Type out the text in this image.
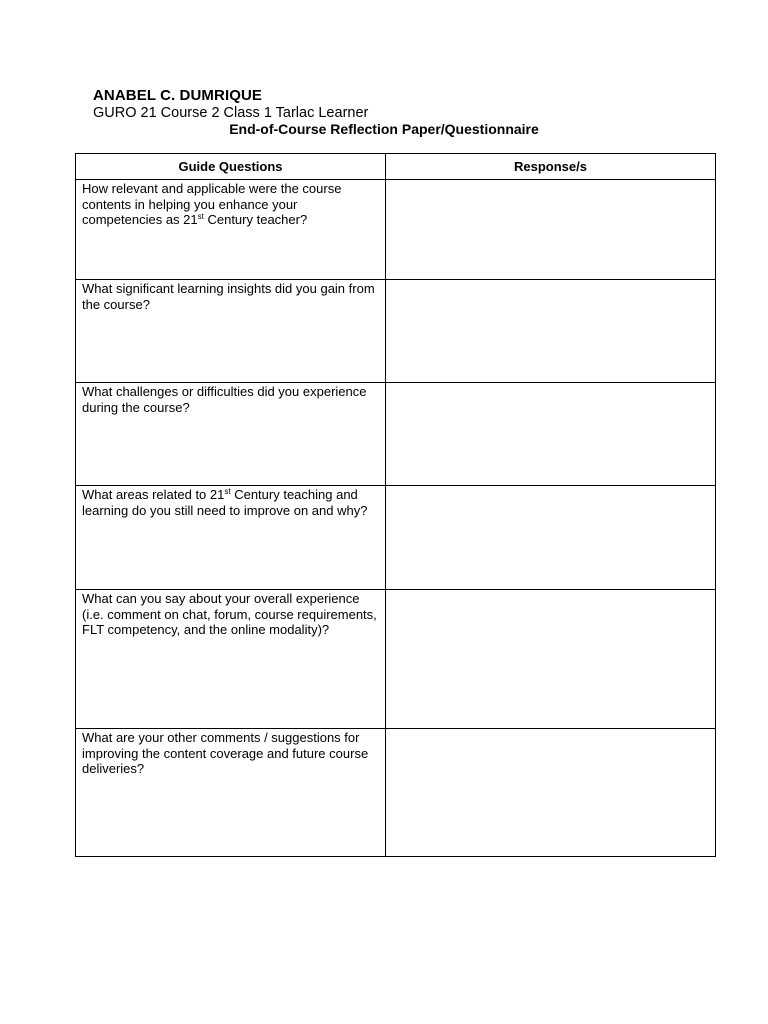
ANABEL C. DUMRIQUE
GURO 21 Course 2 Class 1 Tarlac Learner
End-of-Course Reflection Paper/Questionnaire
Guide Questions	Response/s

How relevant and applicable were the course contents in helping you enhance your competencies as 21st Century teacher?	

What significant learning insights did you gain from the course?	

What challenges or difficulties did you experience during the course?	

What areas related to 21st Century teaching and learning do you still need to improve on and why?	

What can you say about your overall experience (i.e. comment on chat, forum, course requirements, FLT competency, and the online modality)?	

What are your other comments / suggestions for improving the content coverage and future course deliveries?	
